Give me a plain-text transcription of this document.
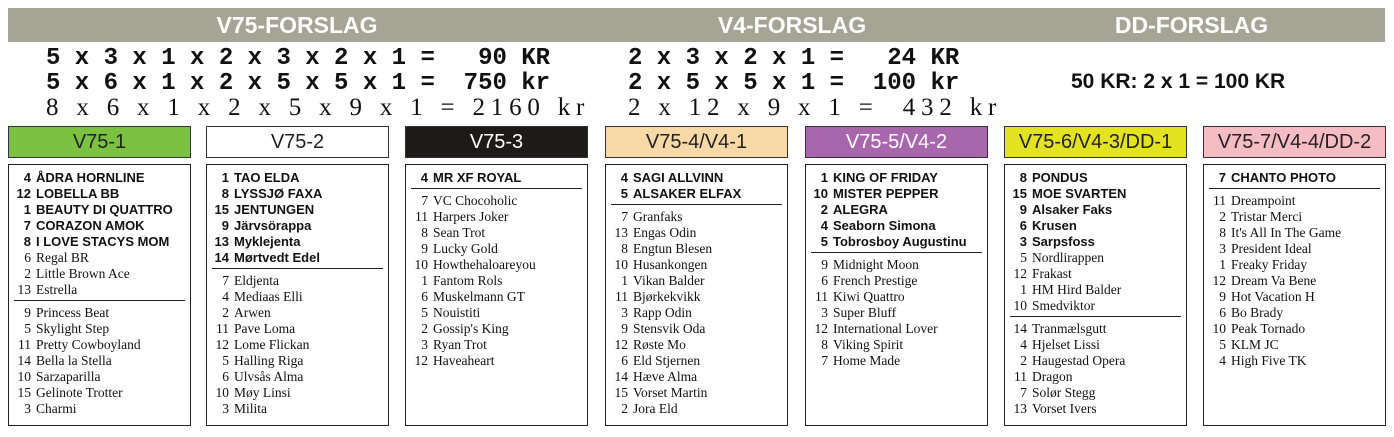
V75-FORSLAG	V4-FORSLAG	DD-FORSLAG
5 x 3 x 1 x 2 x 3 x 2 x 1 =   90 KR
5 x 6 x 1 x 2 x 5 x 5 x 1 =  750 kr
8 x 6 x 1 x 2 x 5 x 9 x 1 = 2160 kr
2 x 3 x 2 x 1 =   24 KR
2 x 5 x 5 x 1 =  100 kr
2 x 12 x 9 x 1 =  432 kr
50 KR: 2 x 1 = 100 KR
V75-1
4 ÅDRA HORNLINE
12 LOBELLA BB
1 BEAUTY DI QUATTRO
7 CORAZON AMOK
8 I LOVE STACYS MOM
6 Regal BR
2 Little Brown Ace
13 Estrella
9 Princess Beat
5 Skylight Step
11 Pretty Cowboyland
14 Bella la Stella
10 Sarzaparilla
15 Gelinote Trotter
3 Charmi
V75-2
1 TAO ELDA
8 LYSSJØ FAXA
15 JENTUNGEN
9 Järvsörappa
13 Myklejenta
14 Mørtvedt Edel
7 Eldjenta
4 Mediaas Elli
2 Arwen
11 Pave Loma
12 Lome Flickan
5 Halling Riga
6 Ulvsås Alma
10 Møy Linsi
3 Milita
V75-3
4 MR XF ROYAL
7 VC Chocoholic
11 Harpers Joker
8 Sean Trot
9 Lucky Gold
10 Howthehaloareyou
1 Fantom Rols
6 Muskelmann GT
5 Nouistiti
2 Gossip's King
3 Ryan Trot
12 Haveaheart
V75-4/V4-1
4 SAGI ALLVINN
5 ALSAKER ELFAX
7 Granfaks
13 Engas Odin
8 Engtun Blesen
10 Husankongen
1 Vikan Balder
11 Bjørkekvikk
3 Rapp Odin
9 Stensvik Oda
12 Røste Mo
6 Eld Stjernen
14 Hæve Alma
15 Vorset Martin
2 Jora Eld
V75-5/V4-2
1 KING OF FRIDAY
10 MISTER PEPPER
2 ALEGRA
4 Seaborn Simona
5 Tobrosboy Augustinu
9 Midnight Moon
6 French Prestige
11 Kiwi Quattro
3 Super Bluff
12 International Lover
8 Viking Spirit
7 Home Made
V75-6/V4-3/DD-1
8 PONDUS
15 MOE SVARTEN
9 Alsaker Faks
6 Krusen
3 Sarpsfoss
5 Nordlirappen
12 Frakast
1 HM Hird Balder
10 Smedviktor
14 Tranmælsgutt
4 Hjelset Lissi
2 Haugestad Opera
11 Dragon
7 Solør Stegg
13 Vorset Ivers
V75-7/V4-4/DD-2
7 CHANTO PHOTO
11 Dreampoint
2 Tristar Merci
8 It's All In The Game
3 President Ideal
1 Freaky Friday
12 Dream Va Bene
9 Hot Vacation H
6 Bo Brady
10 Peak Tornado
5 KLM JC
4 High Five TK
